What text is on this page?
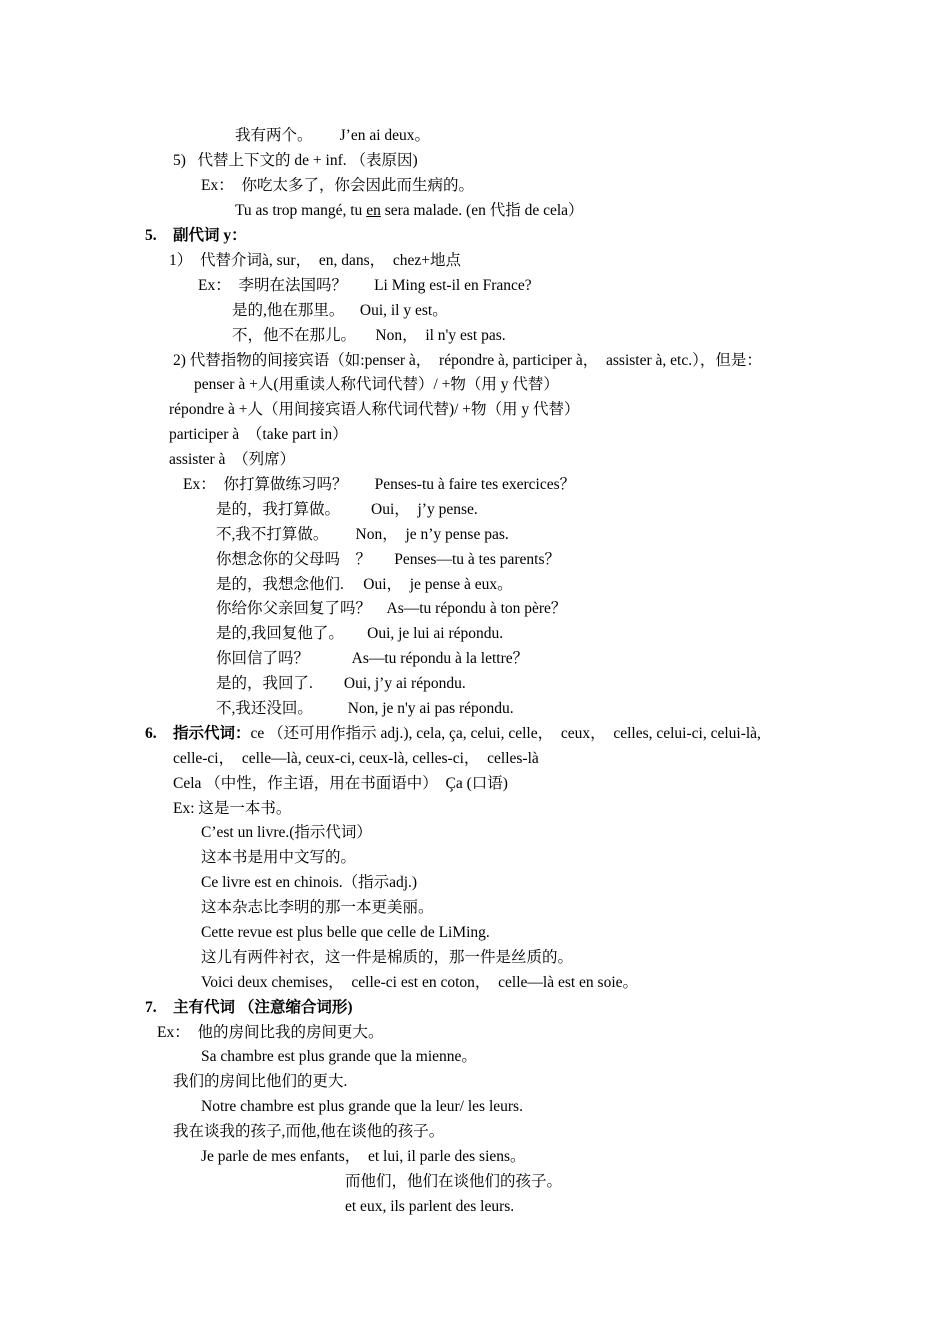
我有两个。       J’en ai deux。
5)   代替上下文的 de + inf. （表原因)
Ex：  你吃太多了，你会因此而生病的。
Tu as trop mangé, tu en sera malade. (en 代指 de cela）
5. 副代词 y：
1）  代替介词à, sur，  en, dans，  chez+地点
Ex：  李明在法国吗？       Li Ming est-il en France?
是的,他在那里。    Oui, il y est。
不，他不在那儿。     Non，  il n'y est pas.
2) 代替指物的间接宾语（如:penser à，  répondre à, participer à，  assister à, etc.），但是：
penser à +人(用重读人称代词代替）/ +物（用 y 代替）
répondre à +人（用间接宾语人称代词代替)/ +物（用 y 代替）
participer à  （take part in）
assister à  （列席）
Ex：  你打算做练习吗？       Penses-tu à faire tes exercices？
是的，我打算做。        Oui，  j’y pense.
不,我不打算做。       Non，  je n’y pense pas.
你想念你的父母吗    ？      Penses—tu à tes parents？
是的，我想念他们.     Oui，  je pense à eux。
你给你父亲回复了吗？    As—tu répondu à ton père？
是的,我回复他了。      Oui, je lui ai répondu.
你回信了吗？           As—tu répondu à la lettre？
是的，我回了.        Oui, j’y ai répondu.
不,我还没回。         Non, je n'y ai pas répondu.
6. 指示代词：ce （还可用作指示 adj.), cela, ça, celui, celle，  ceux，  celles, celui-ci, celui-là,
celle-ci，  celle—là, ceux-ci, ceux-là, celles-ci，  celles-là
Cela （中性，作主语，用在书面语中）  Ça (口语)
Ex: 这是一本书。
C’est un livre.(指示代词）
这本书是用中文写的。
Ce livre est en chinois.（指示adj.)
这本杂志比李明的那一本更美丽。
Cette revue est plus belle que celle de LiMing.
这儿有两件衬衣，这一件是棉质的，那一件是丝质的。
Voici deux chemises，  celle-ci est en coton，  celle—là est en soie。
7. 主有代词 （注意缩合词形)
Ex：  他的房间比我的房间更大。
Sa chambre est plus grande que la mienne。
我们的房间比他们的更大.
Notre chambre est plus grande que la leur/ les leurs.
我在谈我的孩子,而他,他在谈他的孩子。
Je parle de mes enfants，  et lui, il parle des siens。
而他们，他们在谈他们的孩子。
et eux, ils parlent des leurs.
